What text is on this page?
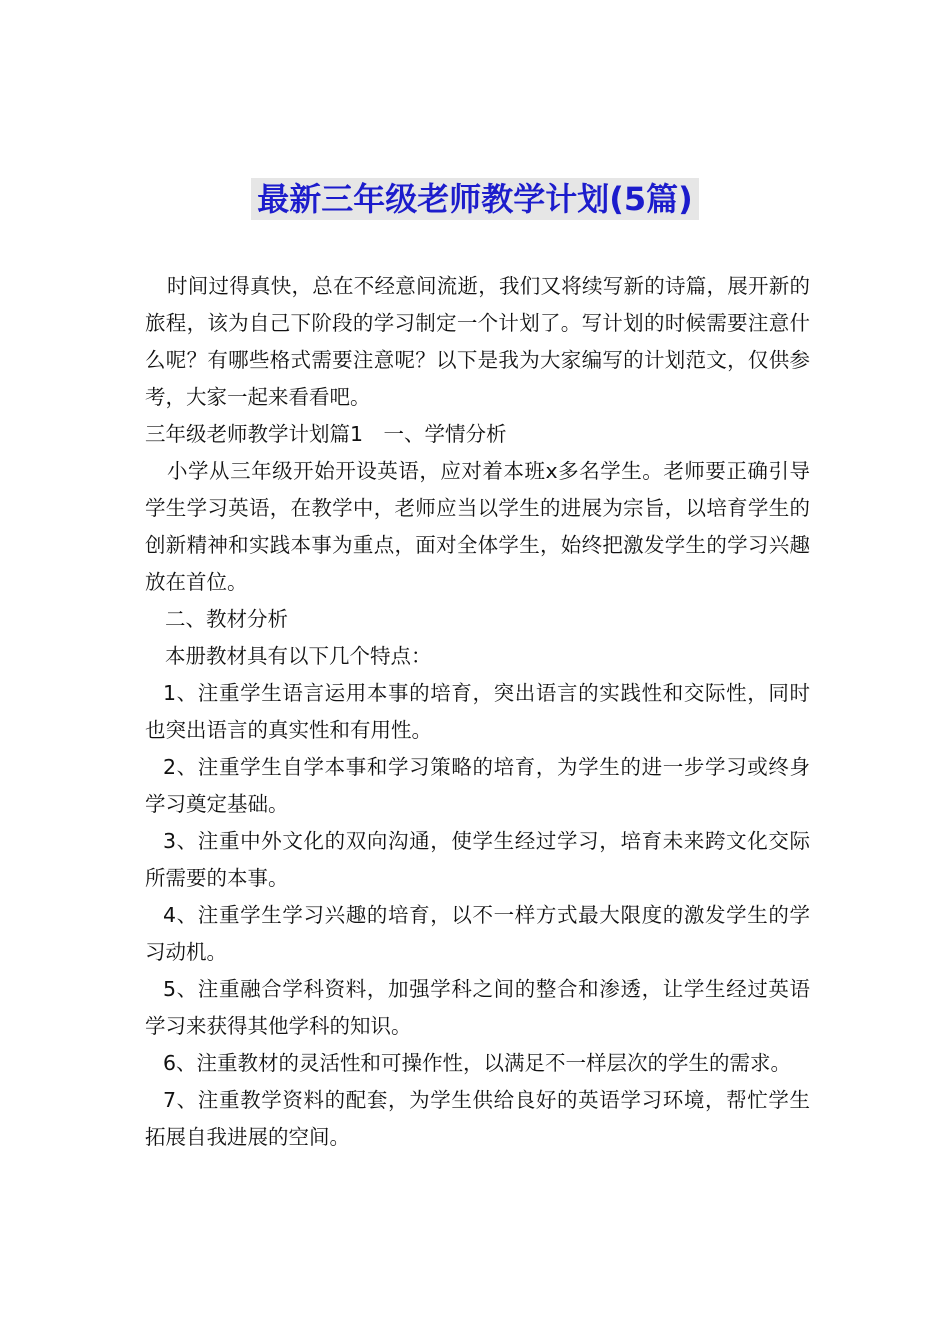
最新三年级老师教学计划(5篇)

时间过得真快，总在不经意间流逝，我们又将续写新的诗篇，展开新的旅程，该为自己下阶段的学习制定一个计划了。写计划的时候需要注意什么呢？有哪些格式需要注意呢？以下是我为大家编写的计划范文，仅供参考，大家一起来看看吧。

三年级老师教学计划篇1　一、学情分析

小学从三年级开始开设英语，应对着本班x多名学生。老师要正确引导学生学习英语，在教学中，老师应当以学生的进展为宗旨，以培育学生的创新精神和实践本事为重点，面对全体学生，始终把激发学生的学习兴趣放在首位。

二、教材分析

本册教材具有以下几个特点：

1、注重学生语言运用本事的培育，突出语言的实践性和交际性，同时也突出语言的真实性和有用性。

2、注重学生自学本事和学习策略的培育，为学生的进一步学习或终身学习奠定基础。

3、注重中外文化的双向沟通，使学生经过学习，培育未来跨文化交际所需要的本事。

4、注重学生学习兴趣的培育，以不一样方式最大限度的激发学生的学习动机。

5、注重融合学科资料，加强学科之间的整合和渗透，让学生经过英语学习来获得其他学科的知识。

6、注重教材的灵活性和可操作性，以满足不一样层次的学生的需求。

7、注重教学资料的配套，为学生供给良好的英语学习环境，帮忙学生拓展自我进展的空间。
